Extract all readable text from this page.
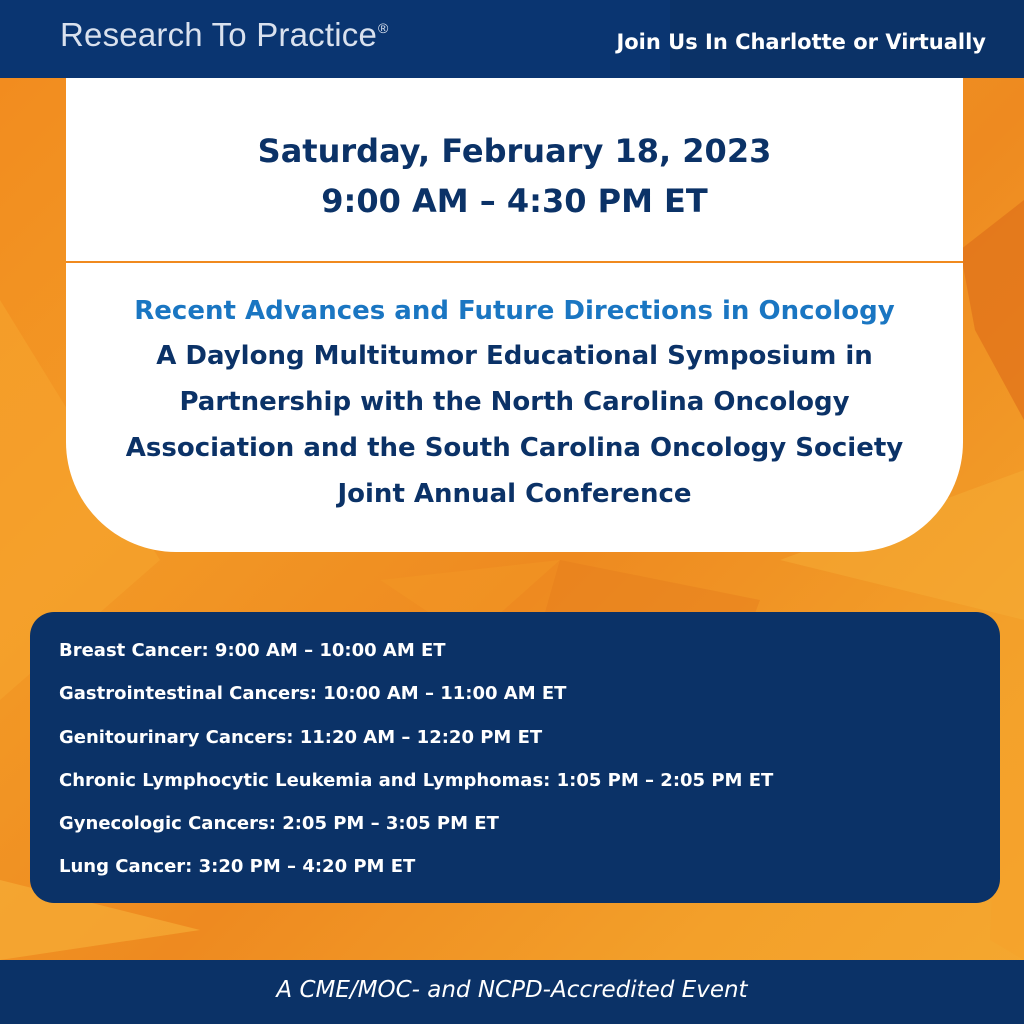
Research To Practice®
Join Us In Charlotte or Virtually
Saturday, February 18, 2023
9:00 AM – 4:30 PM ET
Recent Advances and Future Directions in Oncology
A Daylong Multitumor Educational Symposium in
Partnership with the North Carolina Oncology
Association and the South Carolina Oncology Society
Joint Annual Conference
Breast Cancer: 9:00 AM – 10:00 AM ET
Gastrointestinal Cancers: 10:00 AM – 11:00 AM ET
Genitourinary Cancers: 11:20 AM – 12:20 PM ET
Chronic Lymphocytic Leukemia and Lymphomas: 1:05 PM – 2:05 PM ET
Gynecologic Cancers: 2:05 PM – 3:05 PM ET
Lung Cancer: 3:20 PM – 4:20 PM ET
A CME/MOC- and NCPD-Accredited Event
